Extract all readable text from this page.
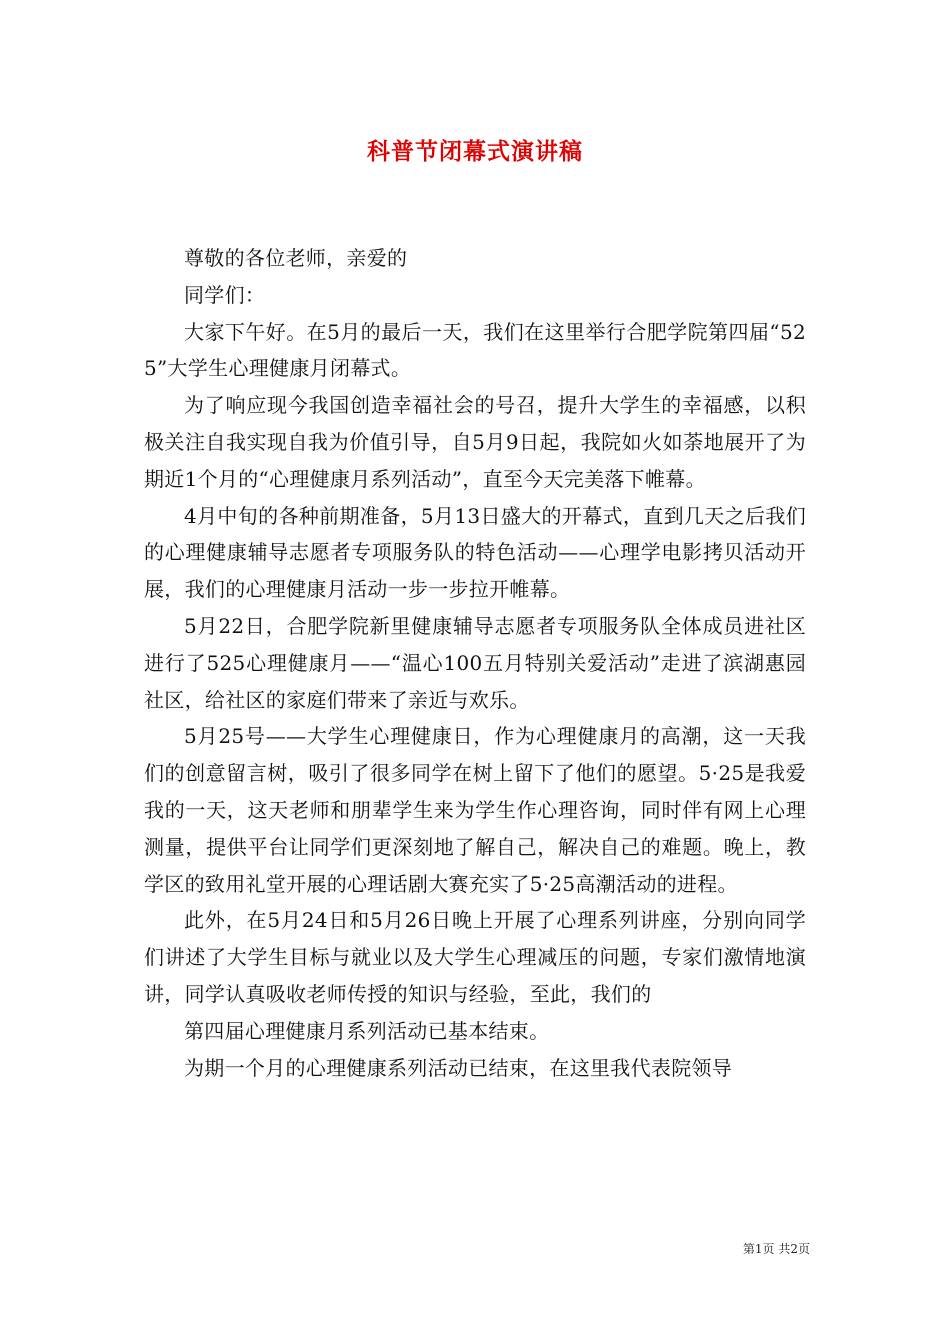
科普节闭幕式演讲稿

尊敬的各位老师，亲爱的

同学们：

大家下午好。在5月的最后一天，我们在这里举行合肥学院第四届“525”大学生心理健康月闭幕式。

为了响应现今我国创造幸福社会的号召，提升大学生的幸福感，以积极关注自我实现自我为价值引导，自5月9日起，我院如火如荼地展开了为期近1个月的“心理健康月系列活动”，直至今天完美落下帷幕。

4月中旬的各种前期准备，5月13日盛大的开幕式，直到几天之后我们的心理健康辅导志愿者专项服务队的特色活动——心理学电影拷贝活动开展，我们的心理健康月活动一步一步拉开帷幕。

5月22日，合肥学院新里健康辅导志愿者专项服务队全体成员进社区进行了525心理健康月——“温心100五月特别关爱活动”走进了滨湖惠园社区，给社区的家庭们带来了亲近与欢乐。

5月25号——大学生心理健康日，作为心理健康月的高潮，这一天我们的创意留言树，吸引了很多同学在树上留下了他们的愿望。5·25是我爱我的一天，这天老师和朋辈学生来为学生作心理咨询，同时伴有网上心理测量，提供平台让同学们更深刻地了解自己，解决自己的难题。晚上，教学区的致用礼堂开展的心理话剧大赛充实了5·25高潮活动的进程。

此外，在5月24日和5月26日晚上开展了心理系列讲座，分别向同学们讲述了大学生目标与就业以及大学生心理减压的问题，专家们激情地演讲，同学认真吸收老师传授的知识与经验，至此，我们的

第四届心理健康月系列活动已基本结束。

为期一个月的心理健康系列活动已结束，在这里我代表院领导

第1页 共2页
